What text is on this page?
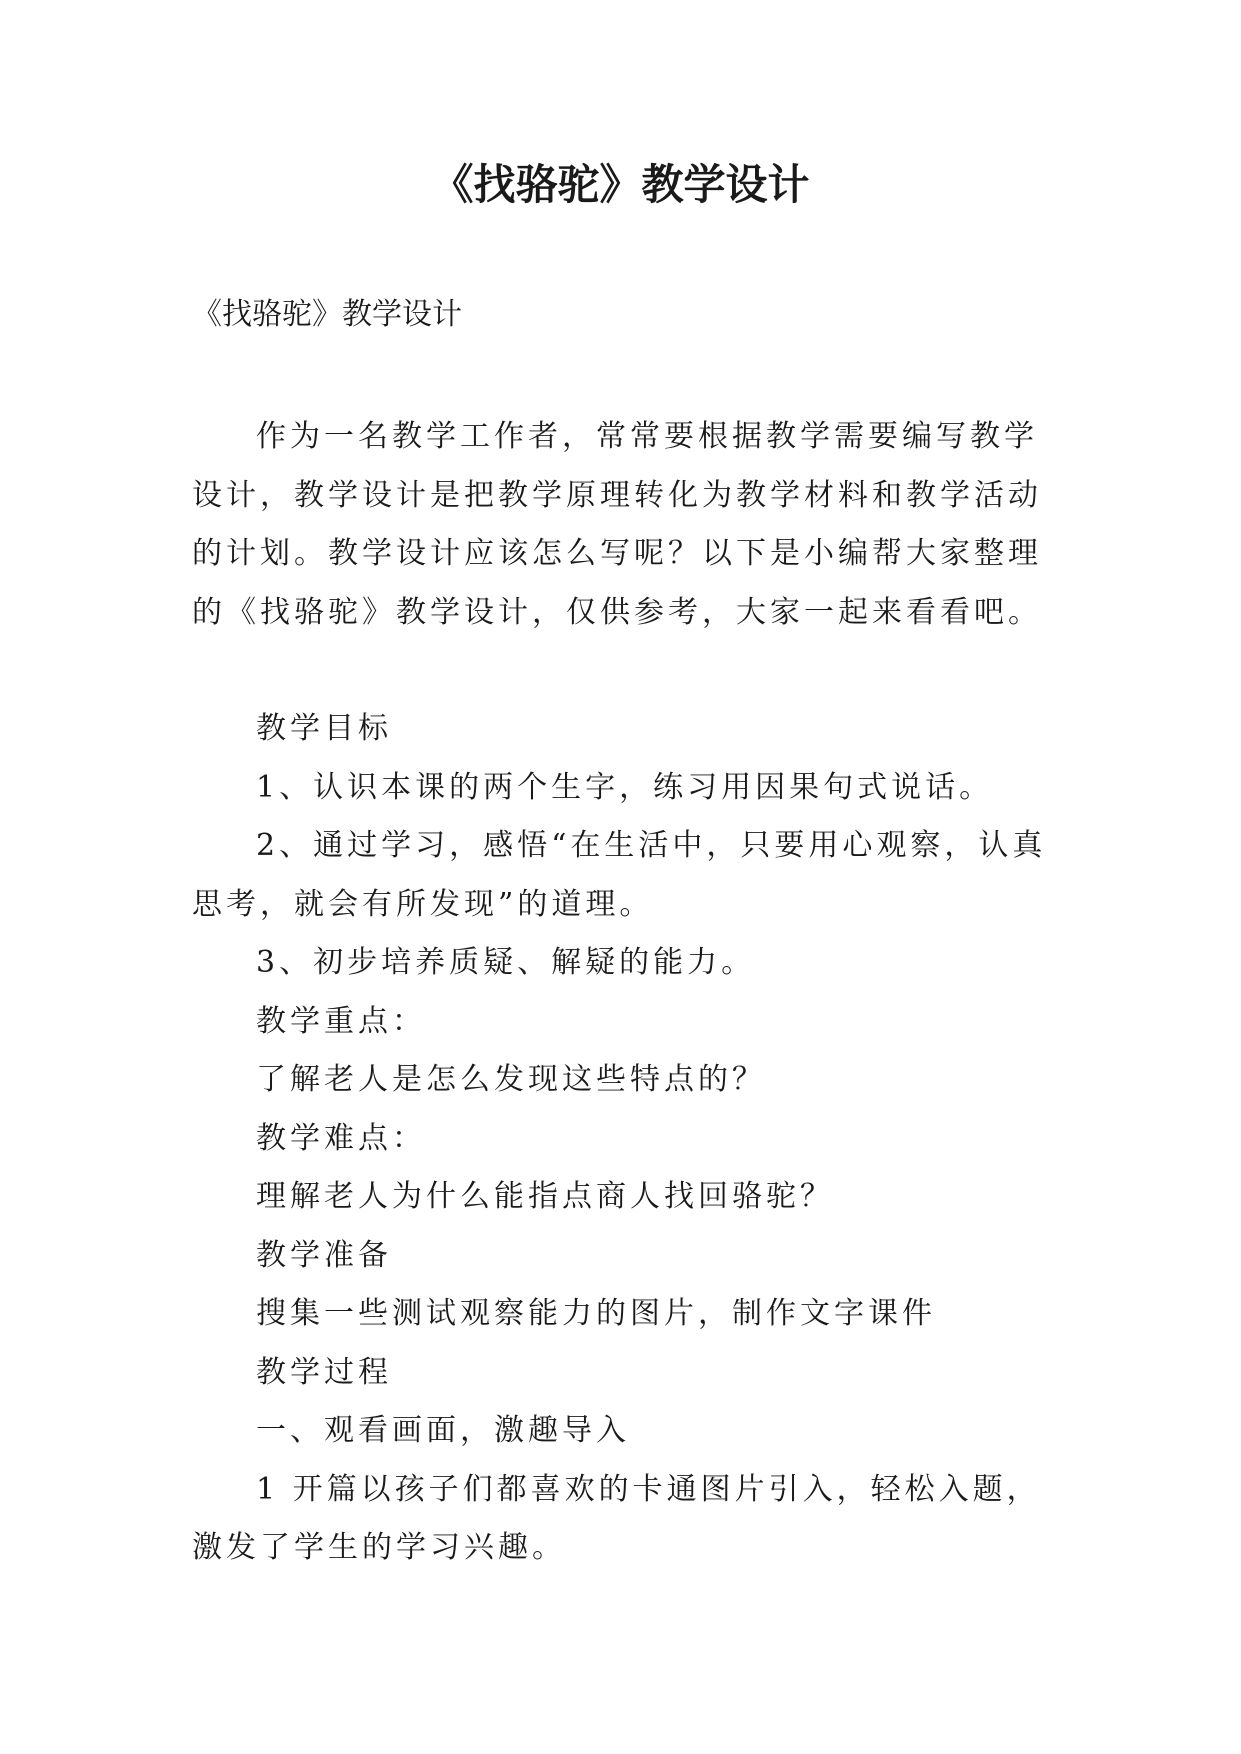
《找骆驼》教学设计

《找骆驼》教学设计

作为一名教学工作者，常常要根据教学需要编写教学设计，教学设计是把教学原理转化为教学材料和教学活动的计划。教学设计应该怎么写呢？以下是小编帮大家整理的《找骆驼》教学设计，仅供参考，大家一起来看看吧。

教学目标

1、认识本课的两个生字，练习用因果句式说话。

2、通过学习，感悟“在生活中，只要用心观察，认真思考，就会有所发现”的道理。

3、初步培养质疑、解疑的能力。

教学重点：

了解老人是怎么发现这些特点的？

教学难点：

理解老人为什么能指点商人找回骆驼？

教学准备

搜集一些测试观察能力的图片，制作文字课件

教学过程

一、观看画面，激趣导入

1 开篇以孩子们都喜欢的卡通图片引入，轻松入题，激发了学生的学习兴趣。
